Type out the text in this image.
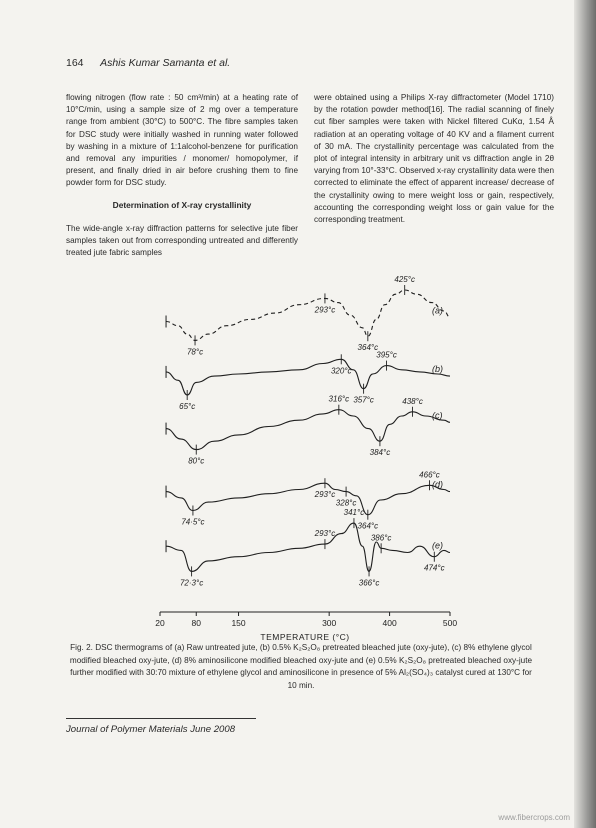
164 Ashis Kumar Samanta et al.

flowing nitrogen (flow rate : 50 cm³/min) at a heating rate of 10°C/min, using a sample size of 2 mg over a temperature range from ambient (30°C) to 500°C. The fibre samples taken for DSC study were initially washed in running water followed by washing in a mixture of 1:1alcohol-benzene for purification and removal any impurities / monomer/ homopolymer, if present, and finally dried in air before crushing them to fine powder form for DSC study.

Determination of X-ray crystallinity

The wide-angle x-ray diffraction patterns for selective jute fiber samples taken out from corresponding untreated and differently treated jute fabric samples

were obtained using a Philips X-ray diffractometer (Model 1710) by the rotation powder method[16]. The radial scanning of finely cut fiber samples were taken with Nickel filtered CuKα, 1.54 Å radiation at an operating voltage of 40 KV and a filament current of 30 mA. The crystallinity percentage was calculated from the plot of integral intensity in arbitrary unit vs diffraction angle in 2θ varying from 10°-33°C. Observed x-ray crystallinity data were then corrected to eliminate the effect of apparent increase/ decrease of the crystallinity owing to mere weight loss or gain, respectively, accounting the corresponding weight loss or gain value for the corresponding treatment.

20	80	150	300	400	500
TEMPERATURE (°C)
(a)
78°c
293°c
364°c
425°c
(b)
65°c
320°c
357°c
395°c
(c)
80°c
316°c
384°c
438°c
(d)
74·5°c
293°c
328°c
364°c
466°c
(e)
72·3°c
293°c
341°c
366°c
386°c
474°c
Fig. 2. DSC thermograms of (a) Raw untreated jute, (b) 0.5% K₂S₂O₈ pretreated bleached jute (oxy-jute), (c) 8% ethylene glycol modified bleached oxy-jute, (d) 8% aminosilicone modified bleached oxy-jute and (e) 0.5% K₂S₂O₈ pretreated bleached oxy-jute further modified with 30:70 mixture of ethylene glycol and aminosilicone in presence of 5% Al₂(SO₄)₃ catalyst cured at 130°C for 10 min.
Journal of Polymer Materials June 2008
www.fibercrops.com
